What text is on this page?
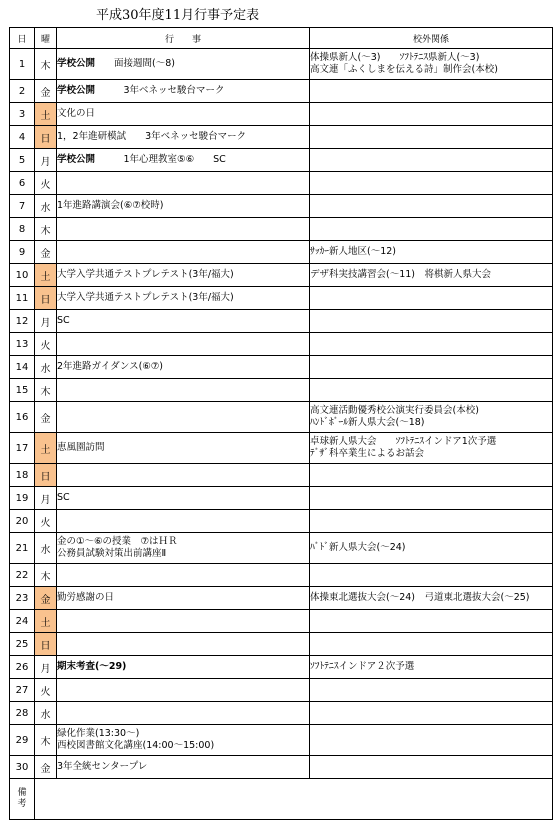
平成30年度11月行事予定表
日	曜	行　　事	校外関係
1	木	学校公開　　面接週間(～8)	体操県新人(～3)　　ｿﾌﾄﾃﾆｽ県新人(～3)
高文連「ふくしまを伝える詩」制作会(本校)

2	金	学校公開　　　3年ベネッセ駿台マーク	
3	土	文化の日	
4	日	1，2年進研模試　　3年ベネッセ駿台マーク	
5	月	学校公開　　　1年心理教室⑤⑥　　SC	
6	火		
7	水	1年進路講演会(⑥⑦校時)	
8	木		
9	金		ｻｯｶｰ新人地区(～12)

10	土	大学入学共通テストプレテスト(3年/福大)	デザ科実技講習会(～11)　将棋新人県大会

11	日	大学入学共通テストプレテスト(3年/福大)	
12	月	SC	
13	火		
14	水	2年進路ガイダンス(⑥⑦)	
15	木		
16	金		高文連活動優秀校公演実行委員会(本校)
ﾊﾝﾄﾞﾎﾞｰﾙ新人県大会(～18)

17	土	恵風園訪問	卓球新人県大会　　ｿﾌﾄﾃﾆｽインドア1次予選
ﾃﾞｻﾞ科卒業生によるお話会

18	日		
19	月	SC	
20	火		
21	水	金の①～⑥の授業　⑦はＨＲ
公務員試験対策出前講座Ⅱ	ﾊﾞﾄﾞ新人県大会(～24)

22	木		
23	金	勤労感謝の日	体操東北選抜大会(～24)　弓道東北選抜大会(～25)

24	土		
25	日		
26	月	期末考査(～29)	ｿﾌﾄﾃﾆｽインドア２次予選

27	火		
28	水		
29	木	緑化作業(13:30～)
西校図書館文化講座(14:00～15:00)	

30	金	3年全統センタープレ	
備
考			
